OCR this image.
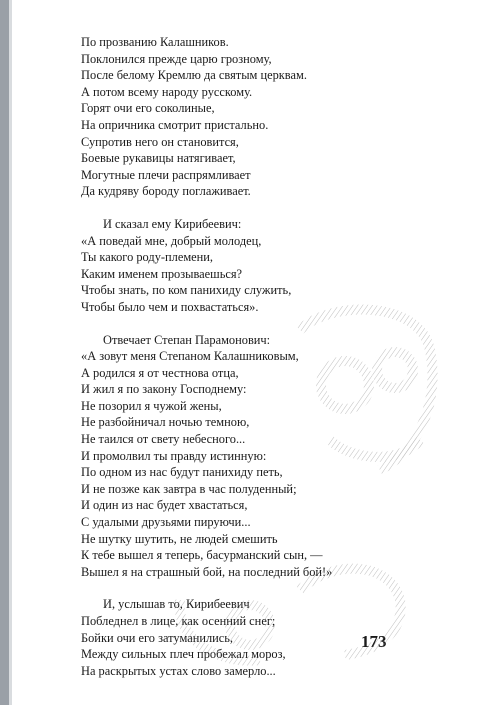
По прозванию Калашников.
Поклонился прежде царю грозному,
После белому Кремлю да святым церквам.
А потом всему народу русскому.
Горят очи его соколиные,
На опричника смотрит пристально.
Супротив него он становится,
Боевые рукавицы натягивает,
Могутные плечи распрямливает
Да кудряву бороду поглаживает.
И сказал ему Кирибеевич:
«А поведай мне, добрый молодец,
Ты какого роду-племени,
Каким именем прозываешься?
Чтобы знать, по ком панихиду служить,
Чтобы было чем и похвастаться».
Отвечает Степан Парамонович:
«А зовут меня Степаном Калашниковым,
А родился я от честнова отца,
И жил я по закону Господнему:
Не позорил я чужой жены,
Не разбойничал ночью темною,
Не таился от свету небесного...
И промолвил ты правду истинную:
По одном из нас будут панихиду петь,
И не позже как завтра в час полуденный;
И один из нас будет хвастаться,
С удалыми друзьями пируючи...
Не шутку шутить, не людей смешить
К тебе вышел я теперь, басурманский сын, —
Вышел я на страшный бой, на последний бой!»
И, услышав то, Кирибеевич
Побледнел в лице, как осенний снег;
Бойки очи его затуманились,
Между сильных плеч пробежал мороз,
На раскрытых устах слово замерло...
173
